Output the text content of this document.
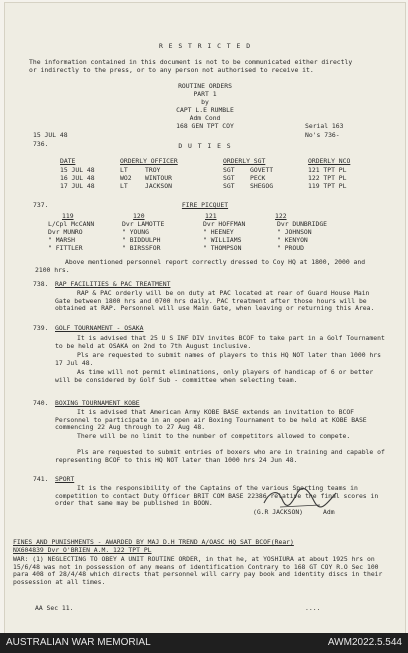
R E S T R I C T E D
The information contained in this document is not to be communicated either directly or indirectly to the press, or to any person not authorised to receive it.
ROUTINE ORDERS
PART 1
by
CAPT L.E RUMBLE
Adm Cond
168 GEN TPT COY
15 JUL 48
Serial 163
No's 736-
736.	D U T I E S
DATE	ORDERLY OFFICER	ORDERLY SGT	ORDERLY NCO
15 JUL 48	LT	TROY	SGT GOVETT	121 TPT PL
16 JUL 48	WO2 WINTOUR	SGT PECK	122 TPT PL
17 JUL 48	LT	JACKSON	SGT SHEGOG	119 TPT PL
737.	FIRE PICQUET
119	120	121	122
L/Cpl McCANN	Dvr LAMOTTE	Dvr HOFFMAN	Dvr DUNBRIDGE
Dvr MUNRO	" YOUNG	" HEENEY	" JOHNSON
" MARSH	" BIDDULPH	" WILLIAMS	" KENYON
" FITTLER	" BIRSSFOR	" THOMPSON	" PROUD
Above mentioned personnel report correctly dressed to Coy HQ at 1800, 2000 and 2100 hrs.
738. RAP FACILITIES & PAC TREATMENT
RAP & PAC orderly will be on duty at PAC located at rear of Guard House Main Gate between 1800 hrs and 0700 hrs daily. PAC treatment after those hours will be obtained at RAP. Personnel will use Main Gate, when leaving or returning this Area.
739. GOLF TOURNAMENT - OSAKA
It is advised that 25 U S INF DIV invites BCOF to take part in a Golf Tournament to be held at OSAKA on 2nd to 7th August inclusive.
Pls are requested to submit names of players to this HQ NOT later than 1000 hrs 17 Jul 48.
As time will not permit eliminations, only players of handicap of 6 or better will be considered by Golf Sub - committee when selecting team.
740. BOXING TOURNAMENT KOBE
It is advised that American Army KOBE BASE extends an invitation to BCOF Personnel to participate in an open air Boxing Tournament to be held at KOBE BASE commencing 22 Aug through to 27 Aug 48.
There will be no limit to the number of competitors allowed to compete.
Pls are requested to submit entries of boxers who are in training and capable of representing BCOF to this HQ NOT later than 1000 hrs 24 Jun 48.
741. SPORT
It is the responsibility of the Captains of the various Sporting teams in competition to contact Duty Officer BRIT COM BASE 22386 relative the final scores in order that same may be published in BOON.
(G.R JACKSON)	Adm
FINES AND PUNISHMENTS - AWARDED BY MAJ D.H TREND A/OASC HQ SAT BCOF(Rear)
NX604839 Dvr O'BRIEN A.M. 122 TPT PL
WAR: (1) NEGLECTING TO OBEY A UNIT ROUTINE ORDER, in that he, at YOSHIURA at about 1925 hrs on 15/6/48 was not in possession of any means of identification Contrary to 168 GT COY R.O Sec 100 para 408 of 28/4/48 which directs that personnel will carry pay book and identity discs in their possession at all times.
AA Sec 11.	....
AUSTRALIAN WAR MEMORIAL	AWM2022.5.544
